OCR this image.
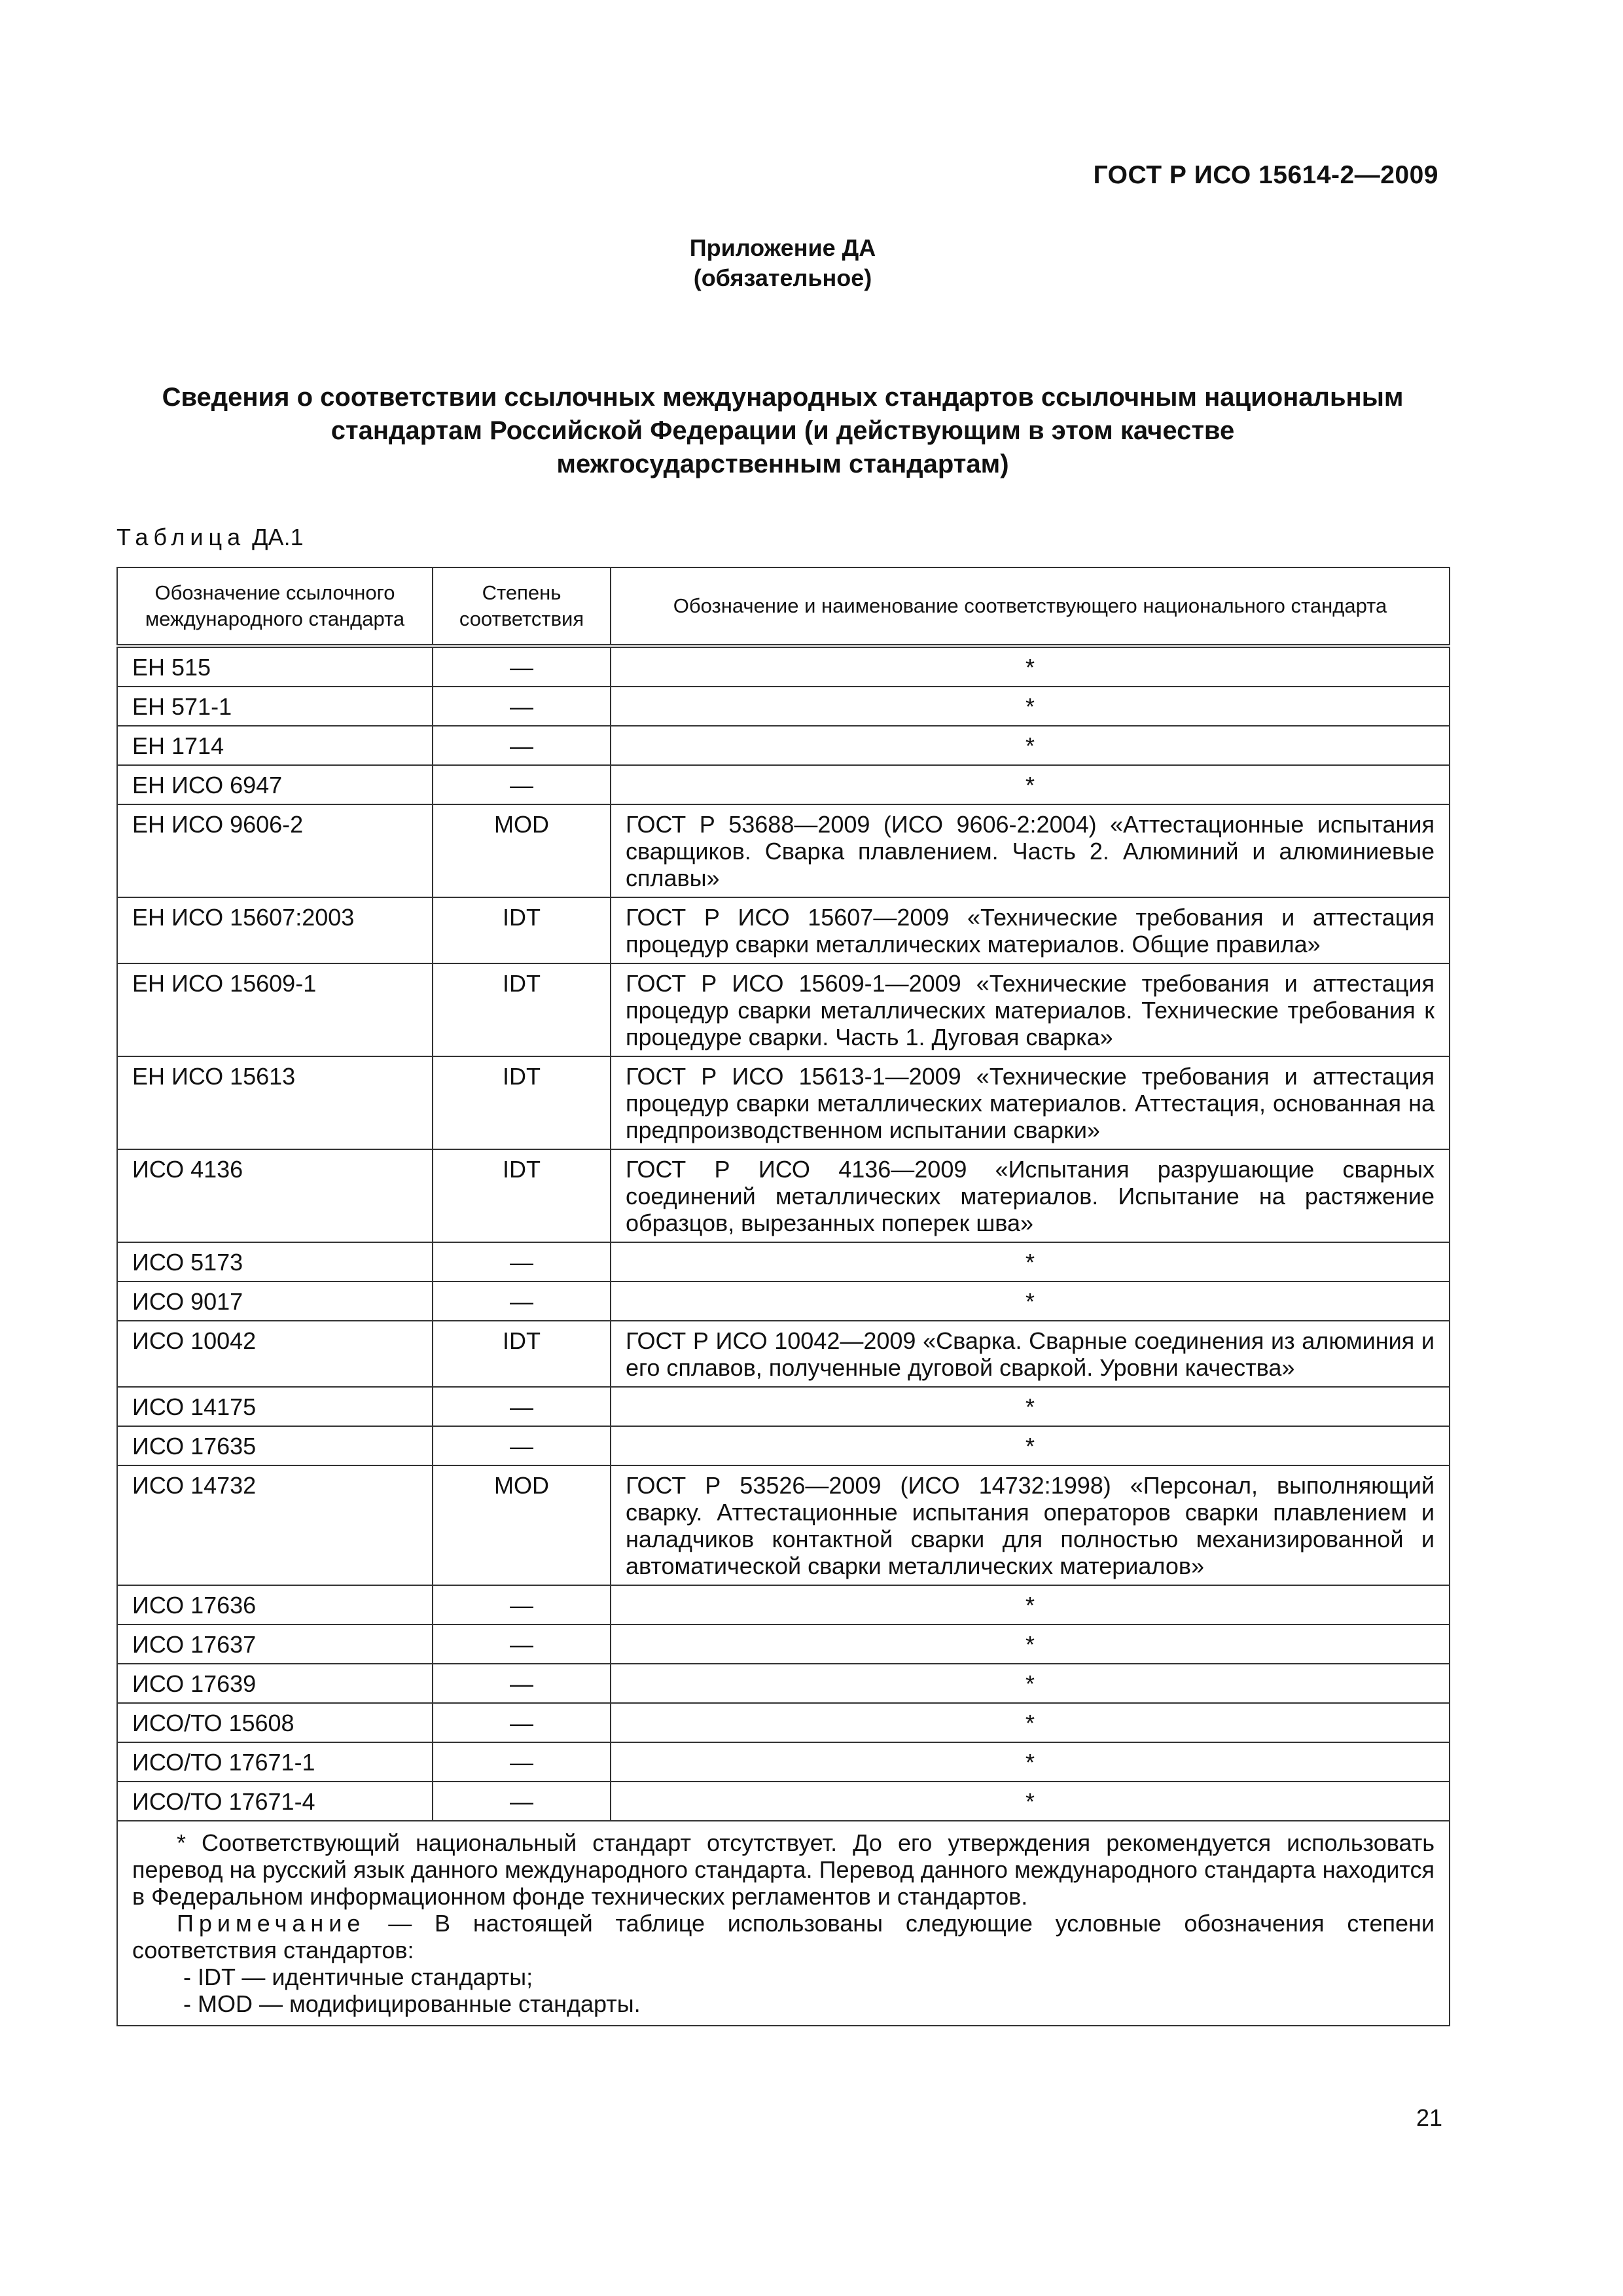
ГОСТ Р ИСО 15614-2—2009
Приложение ДА
(обязательное)
Сведения о соответствии ссылочных международных стандартов ссылочным национальным
стандартам Российской Федерации (и действующим в этом качестве
межгосударственным стандартам)
Таблица ДА.1
Обозначение ссылочного международного стандарта	Степень соответствия	Обозначение и наименование соответствующего национального стандарта
ЕН 515	—	*
ЕН 571-1	—	*
ЕН 1714	—	*
ЕН ИСО 6947	—	*
ЕН ИСО 9606-2	MOD	ГОСТ Р 53688—2009 (ИСО 9606-2:2004) «Аттестационные испытания сварщиков. Сварка плавлением. Часть 2. Алюминий и алюминиевые сплавы»
ЕН ИСО 15607:2003	IDT	ГОСТ Р ИСО 15607—2009 «Технические требования и аттестация процедур сварки металлических материалов. Общие правила»
ЕН ИСО 15609-1	IDT	ГОСТ Р ИСО 15609-1—2009 «Технические требования и аттестация процедур сварки металлических материалов. Технические требования к процедуре сварки. Часть 1. Дуговая сварка»
ЕН ИСО 15613	IDT	ГОСТ Р ИСО 15613-1—2009 «Технические требования и аттестация процедур сварки металлических материалов. Аттестация, основанная на предпроизводственном испытании сварки»
ИСО 4136	IDT	ГОСТ Р ИСО 4136—2009 «Испытания разрушающие сварных соединений металлических материалов. Испытание на растяжение образцов, вырезанных поперек шва»
ИСО 5173	—	*
ИСО 9017	—	*
ИСО 10042	IDT	ГОСТ Р ИСО 10042—2009 «Сварка. Сварные соединения из алюминия и его сплавов, полученные дуговой сваркой. Уровни качества»
ИСО 14175	—	*
ИСО 17635	—	*
ИСО 14732	MOD	ГОСТ Р 53526—2009 (ИСО 14732:1998) «Персонал, выполняющий сварку. Аттестационные испытания операторов сварки плавлением и наладчиков контактной сварки для полностью механизированной и автоматической сварки металлических материалов»
ИСО 17636	—	*
ИСО 17637	—	*
ИСО 17639	—	*
ИСО/ТО 15608	—	*
ИСО/ТО 17671-1	—	*
ИСО/ТО 17671-4	—	*

* Соответствующий национальный стандарт отсутствует. До его утверждения рекомендуется использовать перевод на русский язык данного международного стандарта. Перевод данного международного стандарта находится в Федеральном информационном фонде технических регламентов и стандартов.

Примечание — В настоящей таблице использованы следующие условные обозначения степени соответствия стандартов:

- IDT — идентичные стандарты;
- MOD — модифицированные стандарты.		
21
